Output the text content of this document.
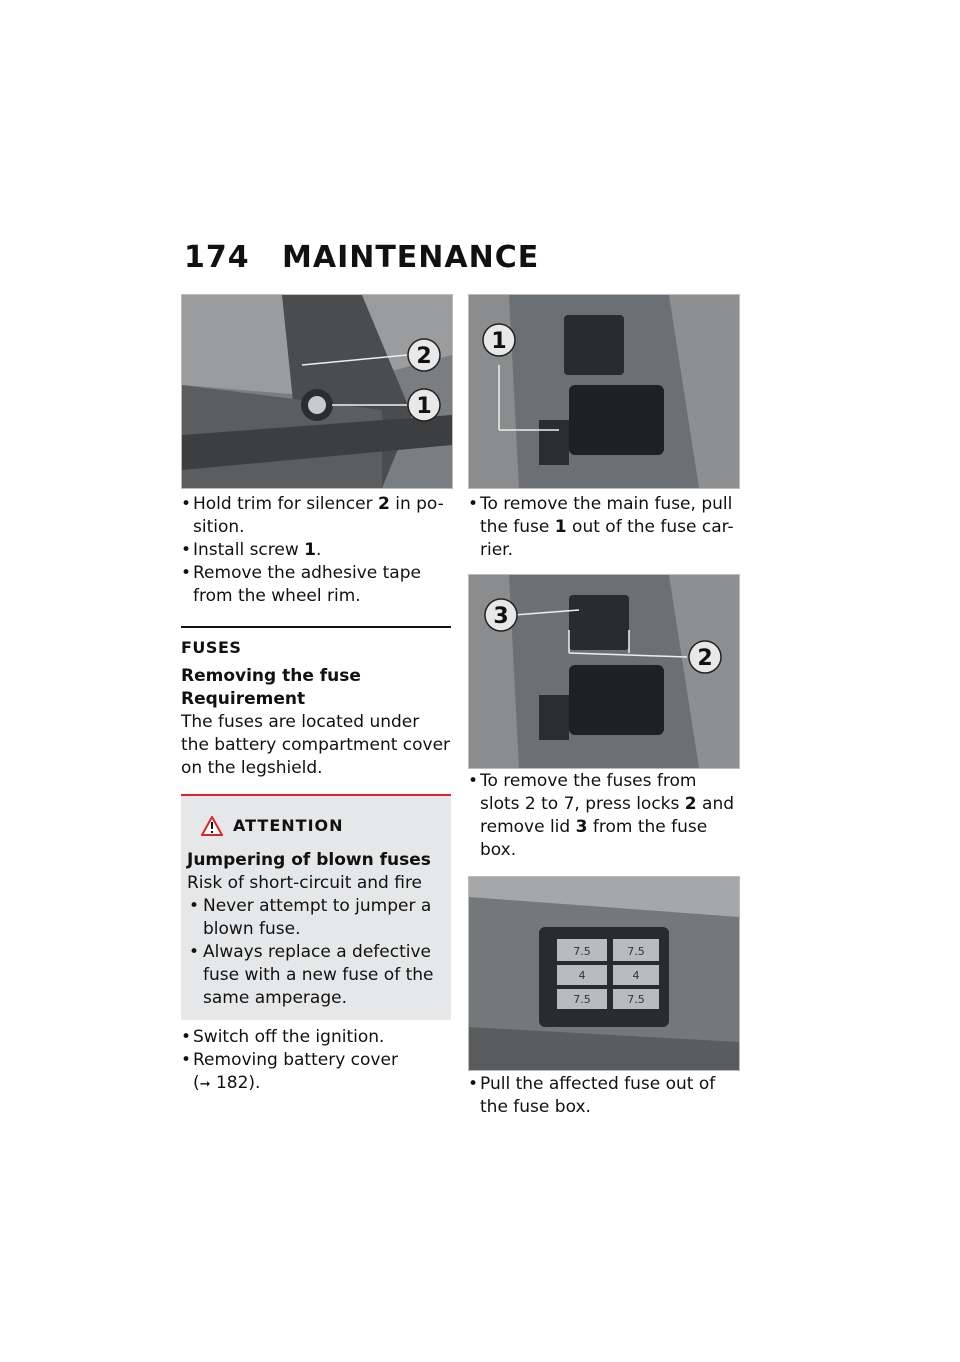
174 MAINTENANCE
2
1
1

• Hold trim for silencer 2 in po-sition.

• Install screw 1.

• Remove the adhesive tape from the wheel rim.

FUSES
Removing the fuse
Requirement
The fuses are located under the battery compartment cover on the legshield.
ATTENTION
Jumpering of blown fuses
Risk of short-circuit and fire
• Never attempt to jumper a blown fuse.
• Always replace a defective fuse with a new fuse of the same amperage.

• Switch off the ignition.

• Removing battery cover
(➞ 182).

• To remove the main fuse, pull the fuse 1 out of the fuse car-rier.

3
2

• To remove the fuses from slots 2 to 7, press locks 2 and remove lid 3 from the fuse box.

7.5	7.5
4	4
7.5	7.5

• Pull the affected fuse out of the fuse box.
